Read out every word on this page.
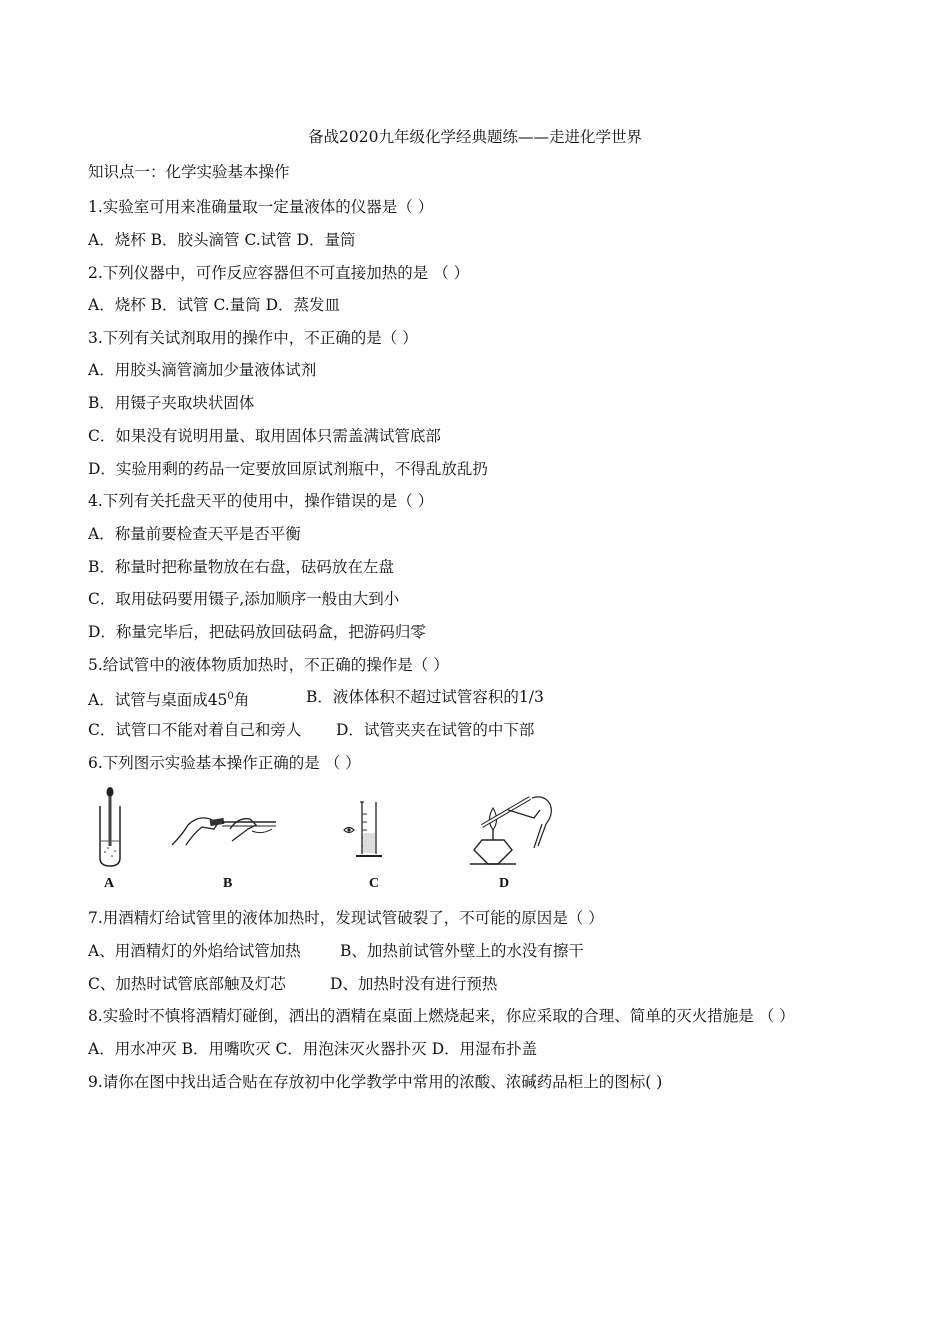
备战2020九年级化学经典题练——走进化学世界
知识点一：化学实验基本操作
1.实验室可用来准确量取一定量液体的仪器是（ ）
A．烧杯 B．胶头滴管 C.试管 D．量筒
2.下列仪器中，可作反应容器但不可直接加热的是 （ ）
A．烧杯 B．试管 C.量筒 D．蒸发皿
3.下列有关试剂取用的操作中，不正确的是（ ）
A．用胶头滴管滴加少量液体试剂
B．用镊子夹取块状固体
C．如果没有说明用量、取用固体只需盖满试管底部
D．实验用剩的药品一定要放回原试剂瓶中，不得乱放乱扔
4.下列有关托盘天平的使用中，操作错误的是（ ）
A．称量前要检查天平是否平衡
B．称量时把称量物放在右盘，砝码放在左盘
C．取用砝码要用镊子,添加顺序一般由大到小
D．称量完毕后，把砝码放回砝码盒，把游码归零
5.给试管中的液体物质加热时，不正确的操作是（ ）
A．试管与桌面成$45^0$角	B．液体体积不超过试管容积的1/3
C．试管口不能对着自己和旁人 D．试管夹夹在试管的中下部
6.下列图示实验基本操作正确的是 （ ）
A	B	C	D
7.用酒精灯给试管里的液体加热时，发现试管破裂了，不可能的原因是（ ）
A、用酒精灯的外焰给试管加热	B、加热前试管外壁上的水没有擦干
C、加热时试管底部触及灯芯	D、加热时没有进行预热
8.实验时不慎将酒精灯碰倒，洒出的酒精在桌面上燃烧起来，你应采取的合理、简单的灭火措施是 （ ）
A．用水冲灭 B．用嘴吹灭 C．用泡沫灭火器扑灭 D．用湿布扑盖
9.请你在图中找出适合贴在存放初中化学教学中常用的浓酸、浓碱药品柜上的图标( )
